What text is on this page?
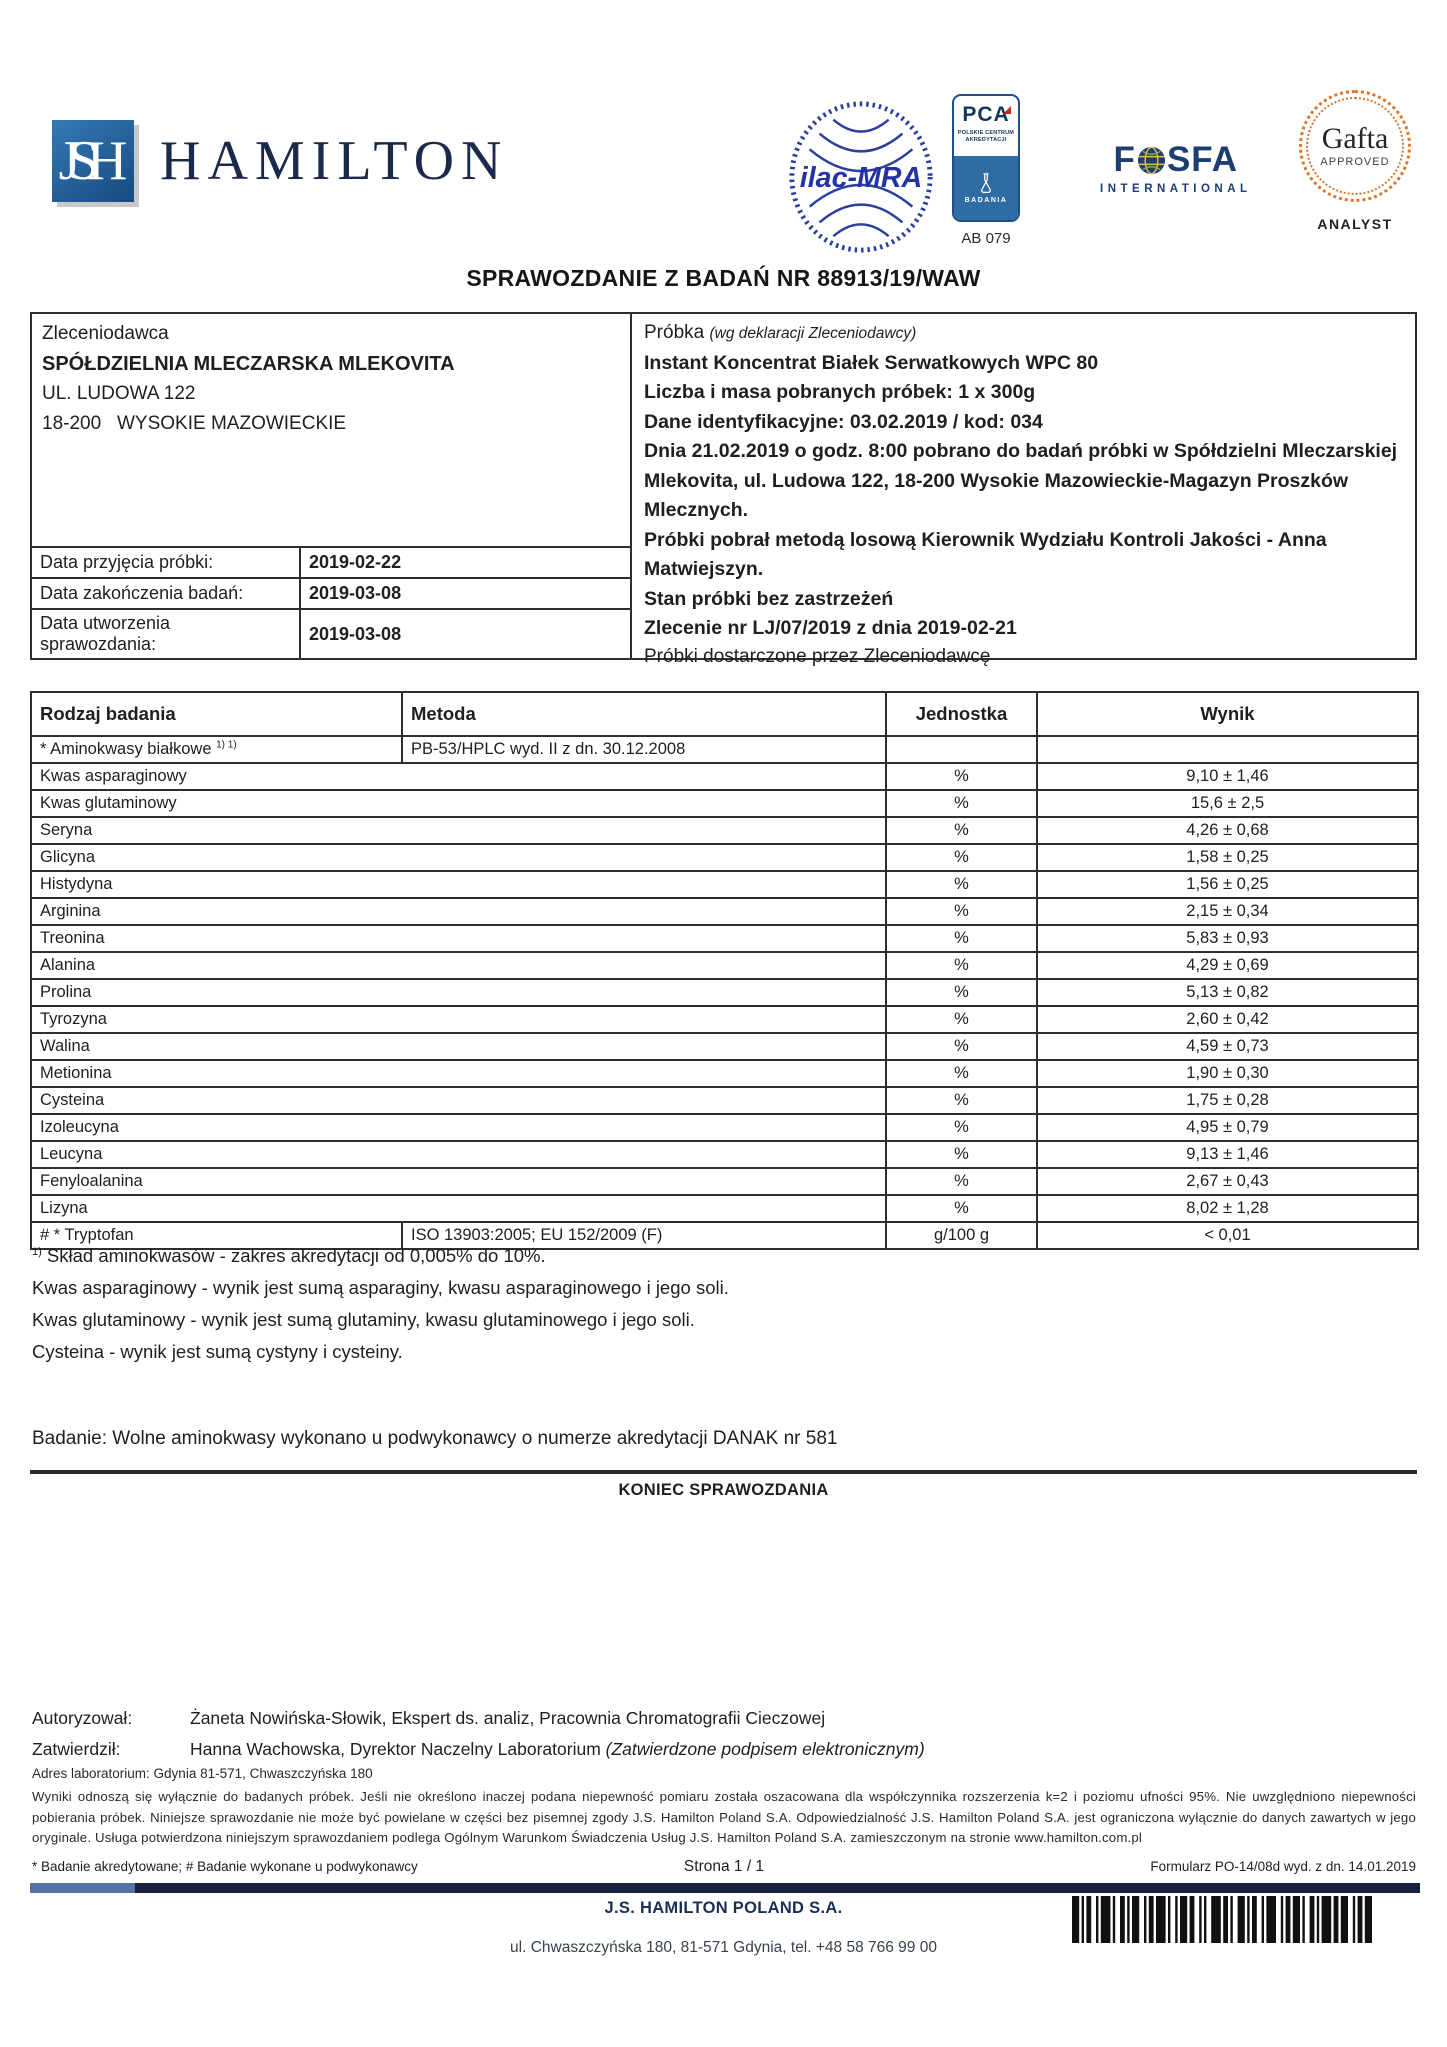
JSH HAMILTON	ilac-MRA
PCA
POLSKIE CENTRUM
AKREDYTACJI
BADANIA
AB 079
F SFA
INTERNATIONAL
Gafta
APPROVED
ANALYST
SPRAWOZDANIE Z BADAŃ NR 88913/19/WAW
Zleceniodawca
SPÓŁDZIELNIA MLECZARSKA MLEKOVITA
UL. LUDOWA 122
18-200   WYSOKIE MAZOWIECKIE
Data przyjęcia próbki:	2019-02-22
Data zakończenia badań:	2019-03-08
Data utworzenia sprawozdania:	2019-03-08
Próbka (wg deklaracji Zleceniodawcy)
Instant Koncentrat Białek Serwatkowych WPC 80
Liczba i masa pobranych próbek: 1 x 300g
Dane identyfikacyjne: 03.02.2019 / kod: 034
Dnia 21.02.2019 o godz. 8:00 pobrano do badań próbki w Spółdzielni Mleczarskiej Mlekovita, ul. Ludowa 122, 18-200 Wysokie Mazowieckie-Magazyn Proszków Mlecznych.
Próbki pobrał metodą losową Kierownik Wydziału Kontroli Jakości - Anna Matwiejszyn.
Stan próbki bez zastrzeżeń
Zlecenie nr LJ/07/2019 z dnia 2019-02-21
Próbki dostarczone przez Zleceniodawcę
Rodzaj badania	Metoda	Jednostka	Wynik
* Aminokwasy białkowe $^{1) 1)}$	PB-53/HPLC wyd. II z dn. 30.12.2008		
Kwas asparaginowy		%	9,10 ± 1,46
Kwas glutaminowy		%	15,6 ± 2,5
Seryna		%	4,26 ± 0,68
Glicyna		%	1,58 ± 0,25
Histydyna		%	1,56 ± 0,25
Arginina		%	2,15 ± 0,34
Treonina		%	5,83 ± 0,93
Alanina		%	4,29 ± 0,69
Prolina		%	5,13 ± 0,82
Tyrozyna		%	2,60 ± 0,42
Walina		%	4,59 ± 0,73
Metionina		%	1,90 ± 0,30
Cysteina		%	1,75 ± 0,28
Izoleucyna		%	4,95 ± 0,79
Leucyna		%	9,13 ± 1,46
Fenyloalanina		%	2,67 ± 0,43
Lizyna		%	8,02 ± 1,28
# * Tryptofan	ISO 13903:2005; EU 152/2009 (F)	g/100 g	< 0,01
$^{1)}$ Skład aminokwasów - zakres akredytacji od 0,005% do 10%.
Kwas asparaginowy - wynik jest sumą asparaginy, kwasu asparaginowego i jego soli.
Kwas glutaminowy - wynik jest sumą glutaminy, kwasu glutaminowego i jego soli.
Cysteina - wynik jest sumą cystyny i cysteiny.
Badanie: Wolne aminokwasy wykonano u podwykonawcy o numerze akredytacji DANAK nr 581
KONIEC SPRAWOZDANIA
Autoryzował:	Żaneta Nowińska-Słowik, Ekspert ds. analiz, Pracownia Chromatografii Cieczowej
Zatwierdził:	Hanna Wachowska, Dyrektor Naczelny Laboratorium (Zatwierdzone podpisem elektronicznym)
Adres laboratorium: Gdynia 81-571, Chwaszczyńska 180
Wyniki odnoszą się wyłącznie do badanych próbek. Jeśli nie określono inaczej podana niepewność pomiaru została oszacowana dla współczynnika rozszerzenia k=2 i poziomu ufności 95%. Nie uwzględniono niepewności pobierania próbek. Niniejsze sprawozdanie nie może być powielane w części bez pisemnej zgody J.S. Hamilton Poland S.A. Odpowiedzialność J.S. Hamilton Poland S.A. jest ograniczona wyłącznie do danych zawartych w jego oryginale. Usługa potwierdzona niniejszym sprawozdaniem podlega Ogólnym Warunkom Świadczenia Usług J.S. Hamilton Poland S.A. zamieszczonym na stronie www.hamilton.com.pl
* Badanie akredytowane; # Badanie wykonane u podwykonawcy	Strona 1 / 1	Formularz PO-14/08d wyd. z dn. 14.01.2019
J.S. HAMILTON POLAND S.A.
ul. Chwaszczyńska 180, 81-571 Gdynia, tel. +48 58 766 99 00
